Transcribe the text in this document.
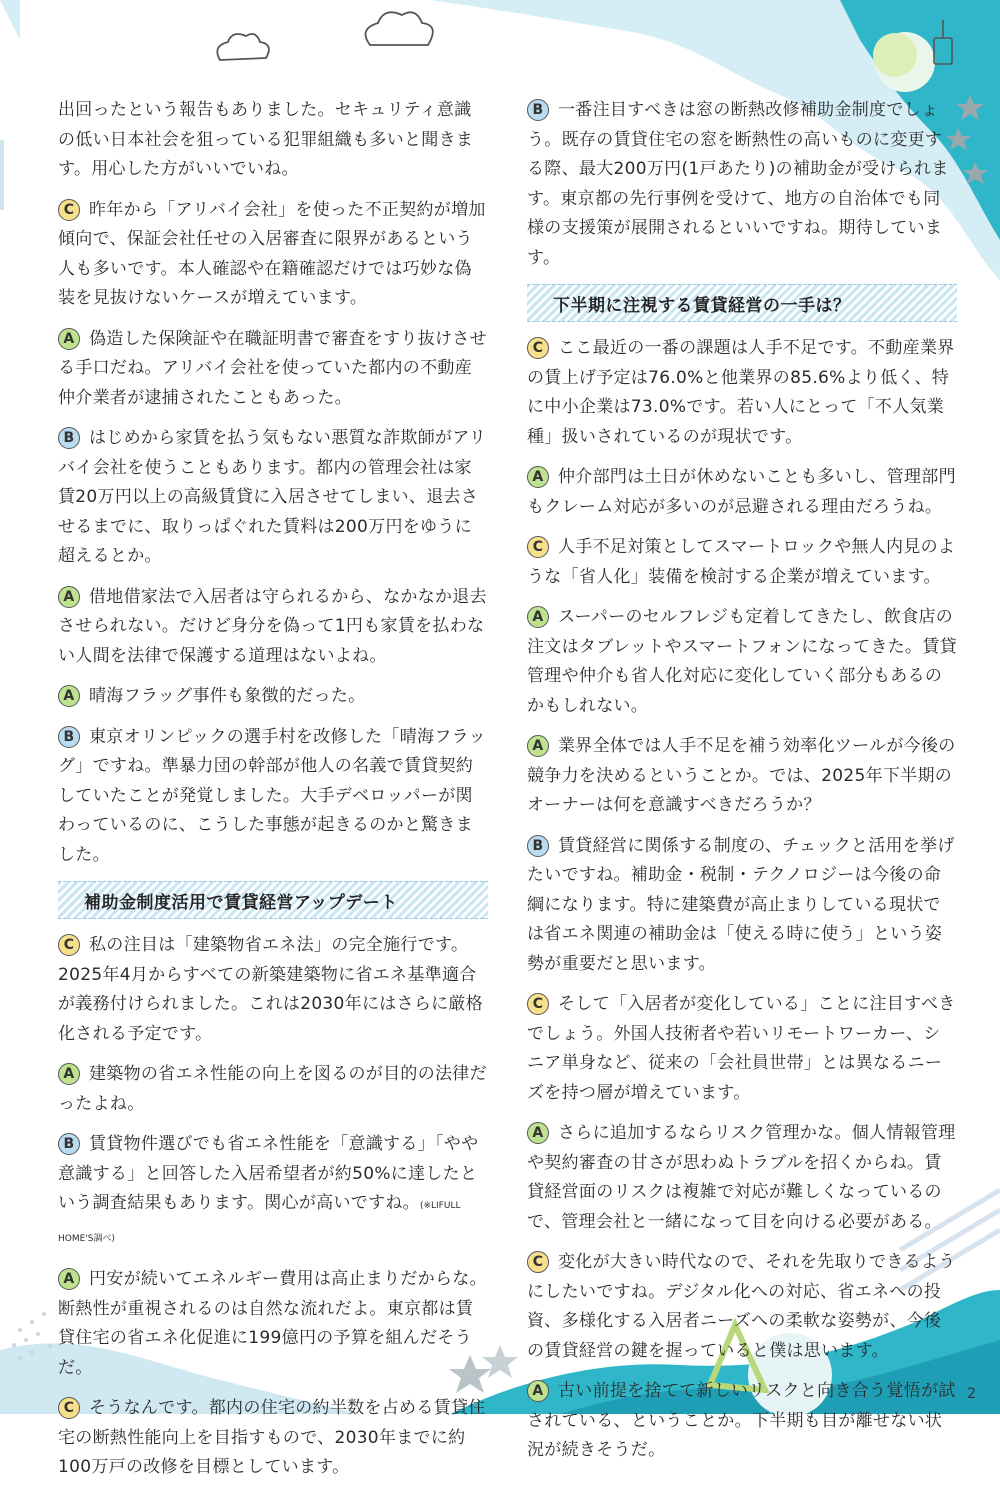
出回ったという報告もありました。セキュリティ意識の低い日本社会を狙っている犯罪組織も多いと聞きます。用心した方がいいでいね。

C 昨年から「アリバイ会社」を使った不正契約が増加傾向で、保証会社任せの入居審査に限界があるという人も多いです。本人確認や在籍確認だけでは巧妙な偽装を見抜けないケースが増えています。

A 偽造した保険証や在職証明書で審査をすり抜けさせる手口だね。アリバイ会社を使っていた都内の不動産仲介業者が逮捕されたこともあった。

B はじめから家賃を払う気もない悪質な詐欺師がアリバイ会社を使うこともあります。都内の管理会社は家賃20万円以上の高級賃貸に入居させてしまい、退去させるまでに、取りっぱぐれた賃料は200万円をゆうに超えるとか。

A 借地借家法で入居者は守られるから、なかなか退去させられない。だけど身分を偽って1円も家賃を払わない人間を法律で保護する道理はないよね。

A 晴海フラッグ事件も象徴的だった。

B 東京オリンピックの選手村を改修した「晴海フラッグ」ですね。準暴力団の幹部が他人の名義で賃貸契約していたことが発覚しました。大手デベロッパーが関わっているのに、こうした事態が起きるのかと驚きました。

補助金制度活用で賃貸経営アップデート

C 私の注目は「建築物省エネ法」の完全施行です。2025年4月からすべての新築建築物に省エネ基準適合が義務付けられました。これは2030年にはさらに厳格化される予定です。

A 建築物の省エネ性能の向上を図るのが目的の法律だったよね。

B 賃貸物件選びでも省エネ性能を「意識する」「やや意識する」と回答した入居希望者が約50%に達したという調査結果もあります。関心が高いですね。(※LIFULL HOME'S調べ)

A 円安が続いてエネルギー費用は高止まりだからな。断熱性が重視されるのは自然な流れだよ。東京都は賃貸住宅の省エネ化促進に199億円の予算を組んだそうだ。

C そうなんです。都内の住宅の約半数を占める賃貸住宅の断熱性能向上を目指すもので、2030年までに約100万戸の改修を目標としています。

B 一番注目すべきは窓の断熱改修補助金制度でしょう。既存の賃貸住宅の窓を断熱性の高いものに変更する際、最大200万円(1戸あたり)の補助金が受けられます。東京都の先行事例を受けて、地方の自治体でも同様の支援策が展開されるといいですね。期待しています。

下半期に注視する賃貸経営の一手は？

C ここ最近の一番の課題は人手不足です。不動産業界の賃上げ予定は76.0%と他業界の85.6%より低く、特に中小企業は73.0%です。若い人にとって「不人気業種」扱いされているのが現状です。

A 仲介部門は土日が休めないことも多いし、管理部門もクレーム対応が多いのが忌避される理由だろうね。

C 人手不足対策としてスマートロックや無人内見のような「省人化」装備を検討する企業が増えています。

A スーパーのセルフレジも定着してきたし、飲食店の注文はタブレットやスマートフォンになってきた。賃貸管理や仲介も省人化対応に変化していく部分もあるのかもしれない。

A 業界全体では人手不足を補う効率化ツールが今後の競争力を決めるということか。では、2025年下半期のオーナーは何を意識すべきだろうか？

B 賃貸経営に関係する制度の、チェックと活用を挙げたいですね。補助金・税制・テクノロジーは今後の命綱になります。特に建築費が高止まりしている現状では省エネ関連の補助金は「使える時に使う」という姿勢が重要だと思います。

C そして「入居者が変化している」ことに注目すべきでしょう。外国人技術者や若いリモートワーカー、シニア単身など、従来の「会社員世帯」とは異なるニーズを持つ層が増えています。

A さらに追加するならリスク管理かな。個人情報管理や契約審査の甘さが思わぬトラブルを招くからね。賃貸経営面のリスクは複雑で対応が難しくなっているので、管理会社と一緒になって目を向ける必要がある。

C 変化が大きい時代なので、それを先取りできるようにしたいですね。デジタル化への対応、省エネへの投資、多様化する入居者ニーズへの柔軟な姿勢が、今後の賃貸経営の鍵を握っていると僕は思います。

A 古い前提を捨てて新しいリスクと向き合う覚悟が試されている、ということか。下半期も目が離せない状況が続きそうだ。

2
